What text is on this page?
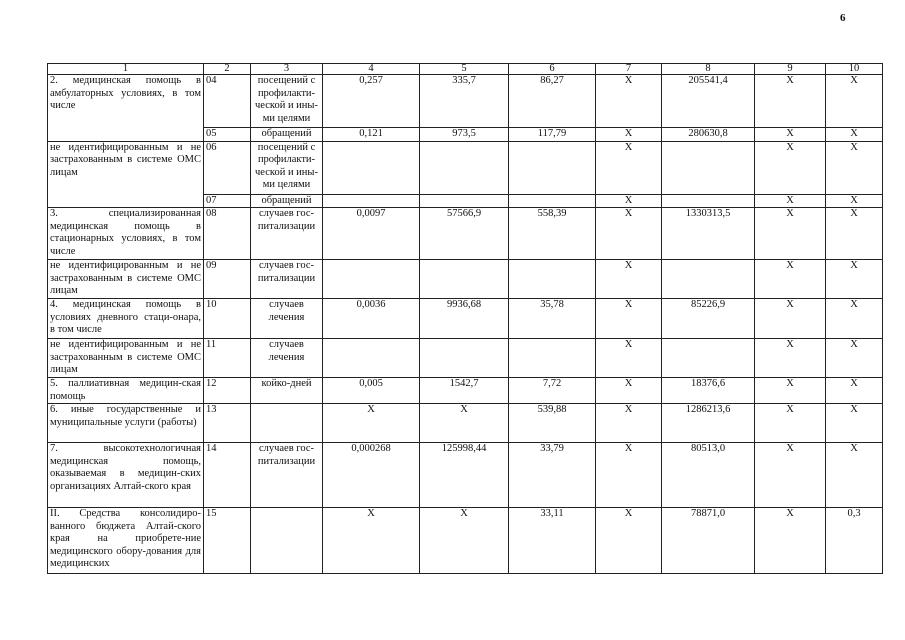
6
1	2	3	4	5	6	7	8	9	10
2. медицинская помощь в амбулаторных условиях, в том числе	04	посещений с профилакти-ческой и ины-ми целями	0,257	335,7	86,27	X	205541,4	X	X
	05	обращений	0,121	973,5	117,79	X	280630,8	X	X
не идентифицированным и не застрахованным в системе ОМС лицам	06	посещений с профилакти-ческой и ины-ми целями				X		X	X
	07	обращений				X		X	X
3. специализированная медицинская помощь в стационарных условиях, в том числе	08	случаев гос-питализации	0,0097	57566,9	558,39	X	1330313,5	X	X
не идентифицированным и не застрахованным в системе ОМС лицам	09	случаев гос-питализации				X		X	X
4. медицинская помощь в условиях дневного стаци-онара, в том числе	10	случаев лечения	0,0036	9936,68	35,78	X	85226,9	X	X
не идентифицированным и не застрахованным в системе ОМС лицам	11	случаев лечения				X		X	X
5. паллиативная медицин-ская помощь	12	койко-дней	0,005	1542,7	7,72	X	18376,6	X	X
6. иные государственные и муниципальные услуги (работы)	13		X	X	539,88	X	1286213,6	X	X
7. высокотехнологичная медицинская помощь, оказываемая в медицин-ских организациях Алтай-ского края	14	случаев гос-питализации	0,000268	125998,44	33,79	X	80513,0	X	X
II. Средства консолидиро-ванного бюджета Алтай-ского края на приобрете-ние медицинского обору-дования для медицинских	15		X	X	33,11	X	78871,0	X	0,3
